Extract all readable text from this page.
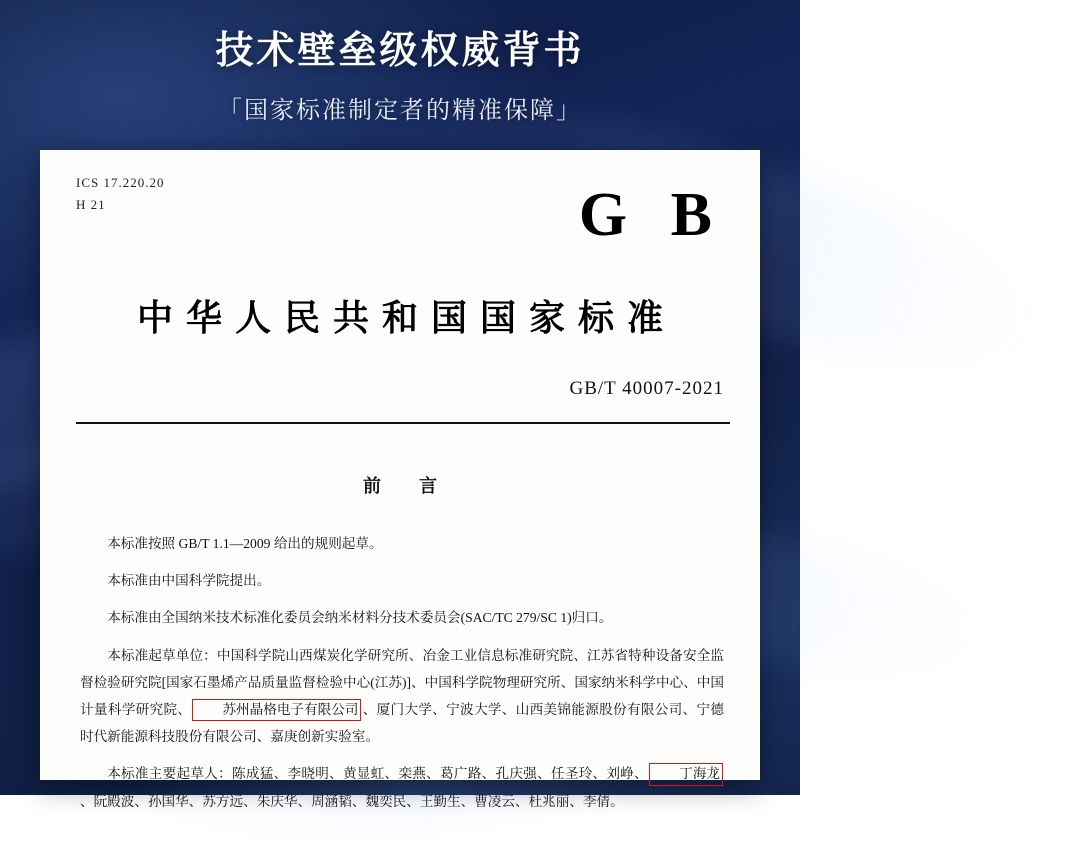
技术壁垒级权威背书
「国家标准制定者的精准保障」
ICS 17.220.20
H 21	G B
中华人民共和国国家标准
GB/T 40007-2021
前　言

本标准按照 GB/T 1.1—2009 给出的规则起草。

本标准由中国科学院提出。

本标准由全国纳米技术标准化委员会纳米材料分技术委员会(SAC/TC 279/SC 1)归口。

本标准起草单位：中国科学院山西煤炭化学研究所、冶金工业信息标准研究院、江苏省特种设备安全监督检验研究院[国家石墨烯产品质量监督检验中心(江苏)]、中国科学院物理研究所、国家纳米科学中心、中国计量科学研究院、 苏州晶格电子有限公司 、厦门大学、宁波大学、山西美锦能源股份有限公司、宁德时代新能源科技股份有限公司、嘉庚创新实验室。

本标准主要起草人：陈成猛、李晓明、黄显虹、栾燕、葛广路、孔庆强、任圣玲、刘峥、 丁海龙、阮殿波、孙国华、苏方远、朱庆华、周涵韬、魏奕民、王勤生、曹凌云、杜兆丽、李倩。
